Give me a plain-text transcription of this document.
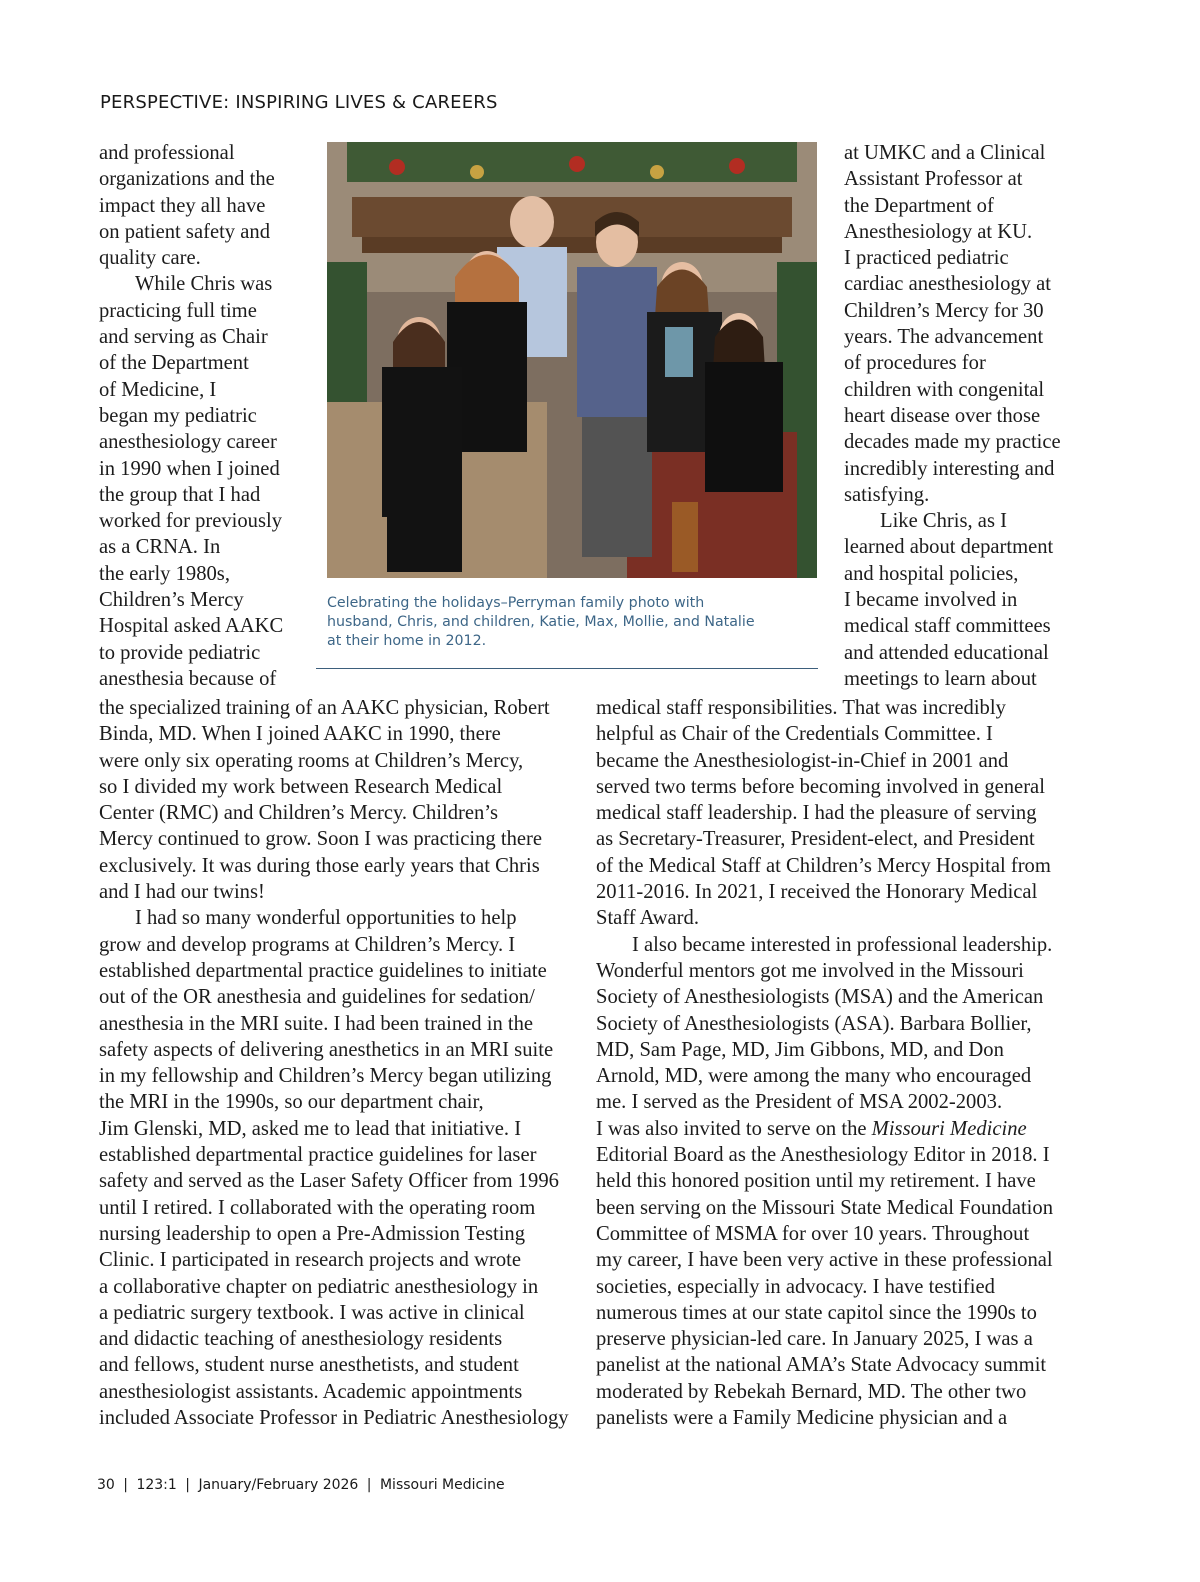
PERSPECTIVE: INSPIRING LIVES & CAREERS
and professional
organizations and the
impact they all have
on patient safety and
quality care.
While Chris was
practicing full time
and serving as Chair
of the Department
of Medicine, I
began my pediatric
anesthesiology career
in 1990 when I joined
the group that I had
worked for previously
as a CRNA. In
the early 1980s,
Children’s Mercy
Hospital asked AAKC
to provide pediatric
anesthesia because of
Celebrating the holidays–Perryman family photo with
husband, Chris, and children, Katie, Max, Mollie, and Natalie
at their home in 2012.
at UMKC and a Clinical
Assistant Professor at
the Department of
Anesthesiology at KU.
I practiced pediatric
cardiac anesthesiology at
Children’s Mercy for 30
years. The advancement
of procedures for
children with congenital
heart disease over those
decades made my practice
incredibly interesting and
satisfying.
Like Chris, as I
learned about department
and hospital policies,
I became involved in
medical staff committees
and attended educational
meetings to learn about
the specialized training of an AAKC physician, Robert
Binda, MD. When I joined AAKC in 1990, there
were only six operating rooms at Children’s Mercy,
so I divided my work between Research Medical
Center (RMC) and Children’s Mercy. Children’s
Mercy continued to grow. Soon I was practicing there
exclusively. It was during those early years that Chris
and I had our twins!
I had so many wonderful opportunities to help
grow and develop programs at Children’s Mercy. I
established departmental practice guidelines to initiate
out of the OR anesthesia and guidelines for sedation/
anesthesia in the MRI suite. I had been trained in the
safety aspects of delivering anesthetics in an MRI suite
in my fellowship and Children’s Mercy began utilizing
the MRI in the 1990s, so our department chair,
Jim Glenski, MD, asked me to lead that initiative. I
established departmental practice guidelines for laser
safety and served as the Laser Safety Officer from 1996
until I retired. I collaborated with the operating room
nursing leadership to open a Pre-Admission Testing
Clinic. I participated in research projects and wrote
a collaborative chapter on pediatric anesthesiology in
a pediatric surgery textbook. I was active in clinical
and didactic teaching of anesthesiology residents
and fellows, student nurse anesthetists, and student
anesthesiologist assistants. Academic appointments
included Associate Professor in Pediatric Anesthesiology
medical staff responsibilities. That was incredibly
helpful as Chair of the Credentials Committee. I
became the Anesthesiologist-in-Chief in 2001 and
served two terms before becoming involved in general
medical staff leadership. I had the pleasure of serving
as Secretary-Treasurer, President-elect, and President
of the Medical Staff at Children’s Mercy Hospital from
2011-2016. In 2021, I received the Honorary Medical
Staff Award.
I also became interested in professional leadership.
Wonderful mentors got me involved in the Missouri
Society of Anesthesiologists (MSA) and the American
Society of Anesthesiologists (ASA). Barbara Bollier,
MD, Sam Page, MD, Jim Gibbons, MD, and Don
Arnold, MD, were among the many who encouraged
me. I served as the President of MSA 2002-2003.
I was also invited to serve on the Missouri Medicine
Editorial Board as the Anesthesiology Editor in 2018. I
held this honored position until my retirement. I have
been serving on the Missouri State Medical Foundation
Committee of MSMA for over 10 years. Throughout
my career, I have been very active in these professional
societies, especially in advocacy. I have testified
numerous times at our state capitol since the 1990s to
preserve physician-led care. In January 2025, I was a
panelist at the national AMA’s State Advocacy summit
moderated by Rebekah Bernard, MD. The other two
panelists were a Family Medicine physician and a
30 | 123:1 | January/February 2026 | Missouri Medicine
